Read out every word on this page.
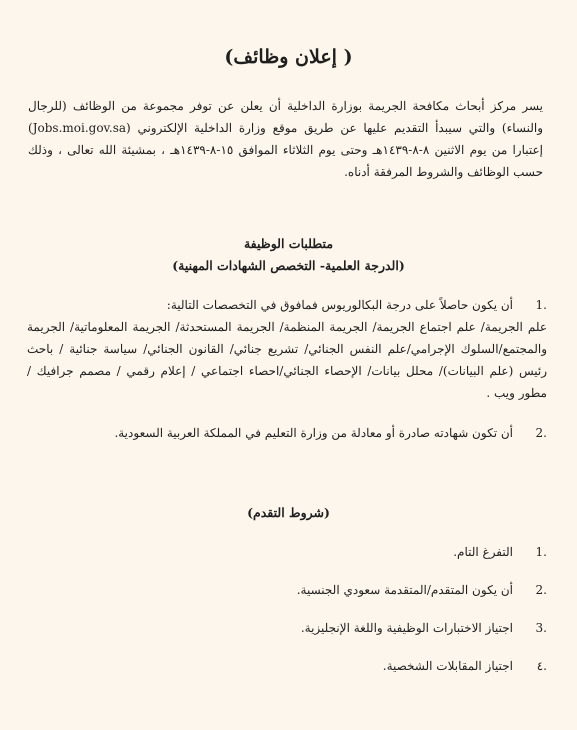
( إعلان وظائف)

يسر مركز أبحاث مكافحة الجريمة بوزارة الداخلية أن يعلن عن توفر مجموعة من الوظائف (للرجال والنساء) والتي سيبدأ التقديم عليها عن طريق موقع وزارة الداخلية الإلكتروني (Jobs.moi.gov.sa) إعتبارا من يوم الاثنين ٨-٨-١٤٣٩هـ وحتى يوم الثلاثاء الموافق ١٥-٨-١٤٣٩هـ ، بمشيئة الله تعالى ، وذلك حسب الوظائف والشروط المرفقة أدناه.

متطلبات الوظيفة
(الدرجة العلمية- التخصص الشهادات المهنية)
1.
أن يكون حاصلاً على درجة البكالوريوس فمافوق في التخصصات التالية:
علم الجريمة/ علم اجتماع الجريمة/ الجريمة المنظمة/ الجريمة المستحدثة/ الجريمة المعلوماتية/ الجريمة والمجتمع/السلوك الإجرامي/علم النفس الجنائي/ تشريع جنائي/ القانون الجنائي/ سياسة جنائية / باحث رئيس (علم البيانات)/ محلل بيانات/ الإحصاء الجنائي/احصاء اجتماعي / إعلام رقمي / مصمم جرافيك /مطور ويب .
2.
أن تكون شهادته صادرة أو معادلة من وزارة التعليم في المملكة العربية السعودية.
(شروط التقدم)
1.
التفرغ التام.
2.
أن يكون المتقدم/المتقدمة سعودي الجنسية.
3.
اجتياز الاختبارات الوظيفية واللغة الإنجليزية.
٤.
اجتياز المقابلات الشخصية.
